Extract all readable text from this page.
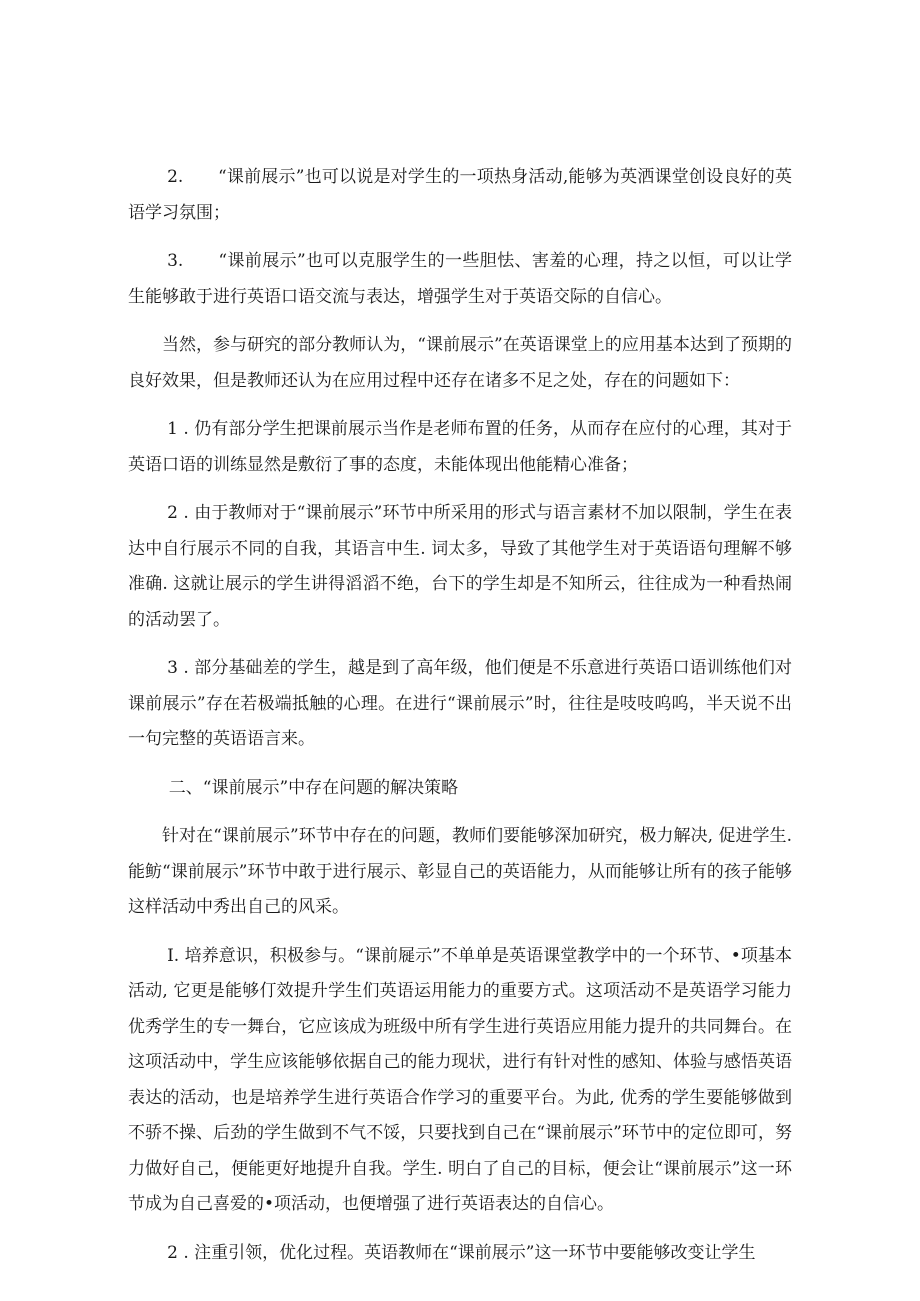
2.　　“课前展示”也可以说是对学生的一项热身活动,能够为英洒课堂创设良好的英语学习氛围；

3.　　“课前展示”也可以克服学生的一些胆怯、害羞的心理，持之以恒，可以让学生能够敢于进行英语口语交流与表达，增强学生对于英语交际的自信心。

当然，参与研究的部分教师认为，“课前展示”在英语课堂上的应用基本达到了预期的良好效果，但是教师还认为在应用过程中还存在诸多不足之处，存在的问题如下：

1 . 仍有部分学生把课前展示当作是老师布置的任务，从而存在应付的心理，其对于英语口语的训练显然是敷衍了事的态度，未能体现出他能精心准备；

2 . 由于教师对于“课前展示”环节中所采用的形式与语言素材不加以限制，学生在表达中自行展示不同的自我，其语言中生. 词太多，导致了其他学生对于英语语句理解不够准确. 这就让展示的学生讲得滔滔不绝，台下的学生却是不知所云，往往成为一种看热闹的活动罢了。

3 . 部分基础差的学生，越是到了高年级，他们便是不乐意进行英语口语训练他们对课前展示”存在若极端抵触的心理。在进行“课前展示”时，往往是吱吱呜呜，半天说不出一句完整的英语语言来。

二、“课前展示”中存在问题的解决策略

针对在“课前展示”环节中存在的问题，教师们要能够深加研究，极力解决, 促进学生. 能鲂“课前展示”环节中敢于进行展示、彰显自己的英语能力，从而能够让所有的孩子能够这样活动中秀出自己的风采。

I. 培养意识，积极参与。“课前屣示”不单单是英语课堂教学中的一个环节、•项基本活动, 它更是能够仃效提升学生们英语运用能力的重要方式。这项活动不是英语学习能力优秀学生的专一舞台，它应该成为班级中所有学生进行英语应用能力提升的共同舞台。在这项活动中，学生应该能够依据自己的能力现状，进行有针对性的感知、体验与感悟英语表达的活动，也是培养学生进行英语合作学习的重要平台。为此, 优秀的学生要能够做到不骄不操、后劲的学生做到不气不馁，只要找到自己在“课前展示”环节中的定位即可，努力做好自己，便能更好地提升自我。学生. 明白了自己的目标，便会让“课前展示”这一环节成为自己喜爱的•项活动，也便增强了进行英语表达的自信心。

2 . 注重引领，优化过程。英语教师在“课前展示”这一环节中要能够改变让学生
